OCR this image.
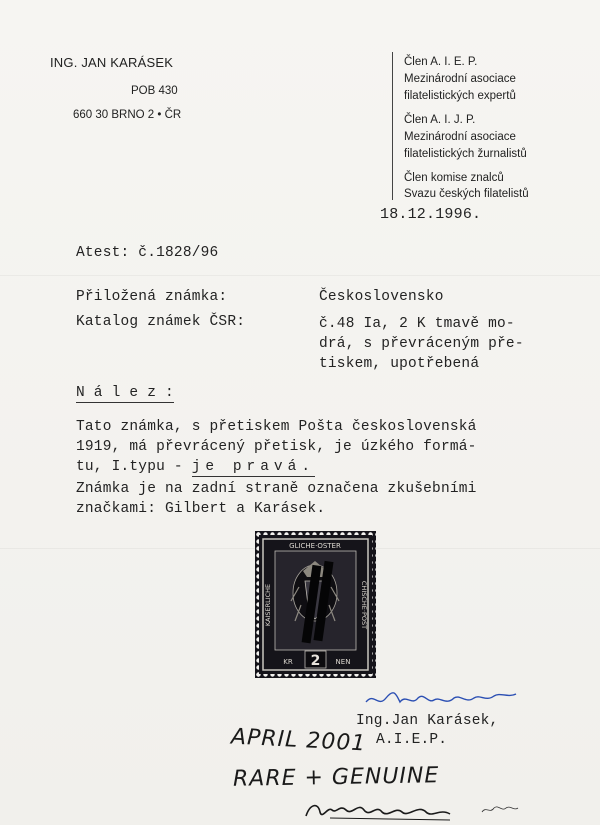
ING. JAN KARÁSEK
POB 430
660 30 BRNO 2 • ČR
Člen A. I. E. P.
Mezinárodní asociace
filatelistických expertů
Člen A. I. J. P.
Mezinárodní asociace
filatelistických žurnalistů
Člen komise znalců
Svazu českých filatelistů
18.12.1996.
Atest: č.1828/96
Přiložená známka:	Československo
Katalog známek ČSR:	č.48 Ia, 2 K tmavě mo-
drá, s převráceným pře-
tiskem, upotřebená
N á l e z :
Tato známka, s přetiskem Pošta československá
1919, má převrácený přetisk, je úzkého formá-
tu, I.typu - je pravá.
Známka je na zadní straně označena zkušebními
značkami: Gilbert a Karásek.
GLICHE·OSTER
KAISERLICHE	CHISCHE·POST
2
KR	NEN
Ing.Jan Karásek,
A.I.E.P.
APRIL 2001
RARE + GENUINE
